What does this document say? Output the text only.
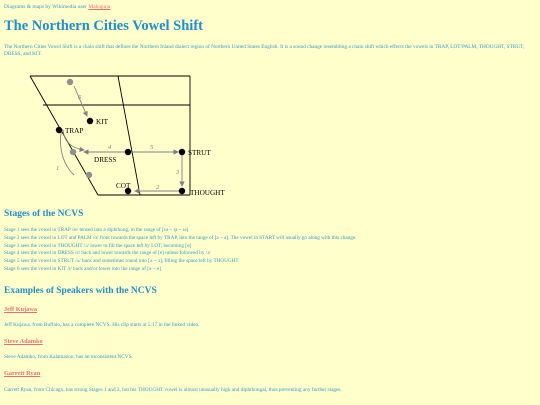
Diagrams & maps by Wikimedia user Mahapuja
The Northern Cities Vowel Shift

The Northern Cities Vowel Shift is a chain shift that defines the Northern Inland dialect region of Northern United States English. It is a sound change resembling a chain shift which effects the vowels in TRAP, LOT/PALM, THOUGHT, STRUT, DRESS, and KIT.

KIT
TRAP
DRESS
STRUT
COT
THOUGHT
1
2
3
4	5
6
Stages of the NCVS
Stage 1 sees the vowel in TRAP /æ/ tensed into a diphthong, in the range of [ɛ̝ə ~ ɪ̞ə ~ ɪə]
Stage 2 sees the vowel in LOT and PALM /ɑ/ front towards the space left by TRAP, into the range of [a ~ a]. The vowel in START will usually go along with this change.
Stage 3 sees the vowel in THOUGHT /ɔ/ lower to fill the space left by LOT, becoming [ɑ]
Stage 4 sees the vowel in DRESS /ɛ/ back and lower towards the range of [ɐ] unless followed by /ɹ/
Stage 5 sees the vowel in STRUT /ʌ/ back and sometimes round into [ʌ ~ ɔ], filling the space left by THOUGHT
Stage 6 sees the vowel in KIT /ɪ/ back and/or lower into the range of [ɘ ~ ɵ]
Examples of Speakers with the NCVS
Jeff Kujawa
Jeff Kujawa, from Buffalo, has a complete NCVS. His clip starts at 5:17 in the linked video.
Steve Adamko
Steve Adamko, from Kalamazoo, has an inconsistent NCVS.
Garrett Ryan
Garrett Ryan, from Chicago, has strong Stages 1 and 2, but his THOUGHT vowel is almost unusually high and diphthongal, thus preventing any further stages.
